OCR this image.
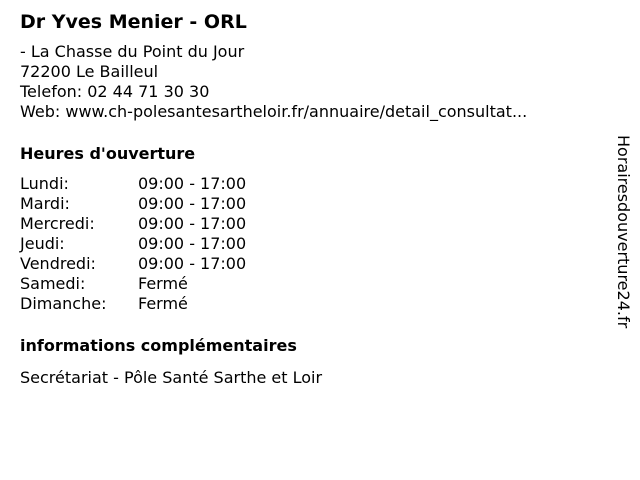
Dr Yves Menier - ORL
- La Chasse du Point du Jour
72200 Le Bailleul
Telefon: 02 44 71 30 30
Web: www.ch-polesantesartheloir.fr/annuaire/detail_consultat...
Heures d'ouverture
Lundi:	09:00 - 17:00
Mardi:	09:00 - 17:00
Mercredi:	09:00 - 17:00
Jeudi:	09:00 - 17:00
Vendredi:	09:00 - 17:00
Samedi:	Fermé
Dimanche:	Fermé
informations complémentaires
Secrétariat - Pôle Santé Sarthe et Loir
Horairesdouverture24.fr
